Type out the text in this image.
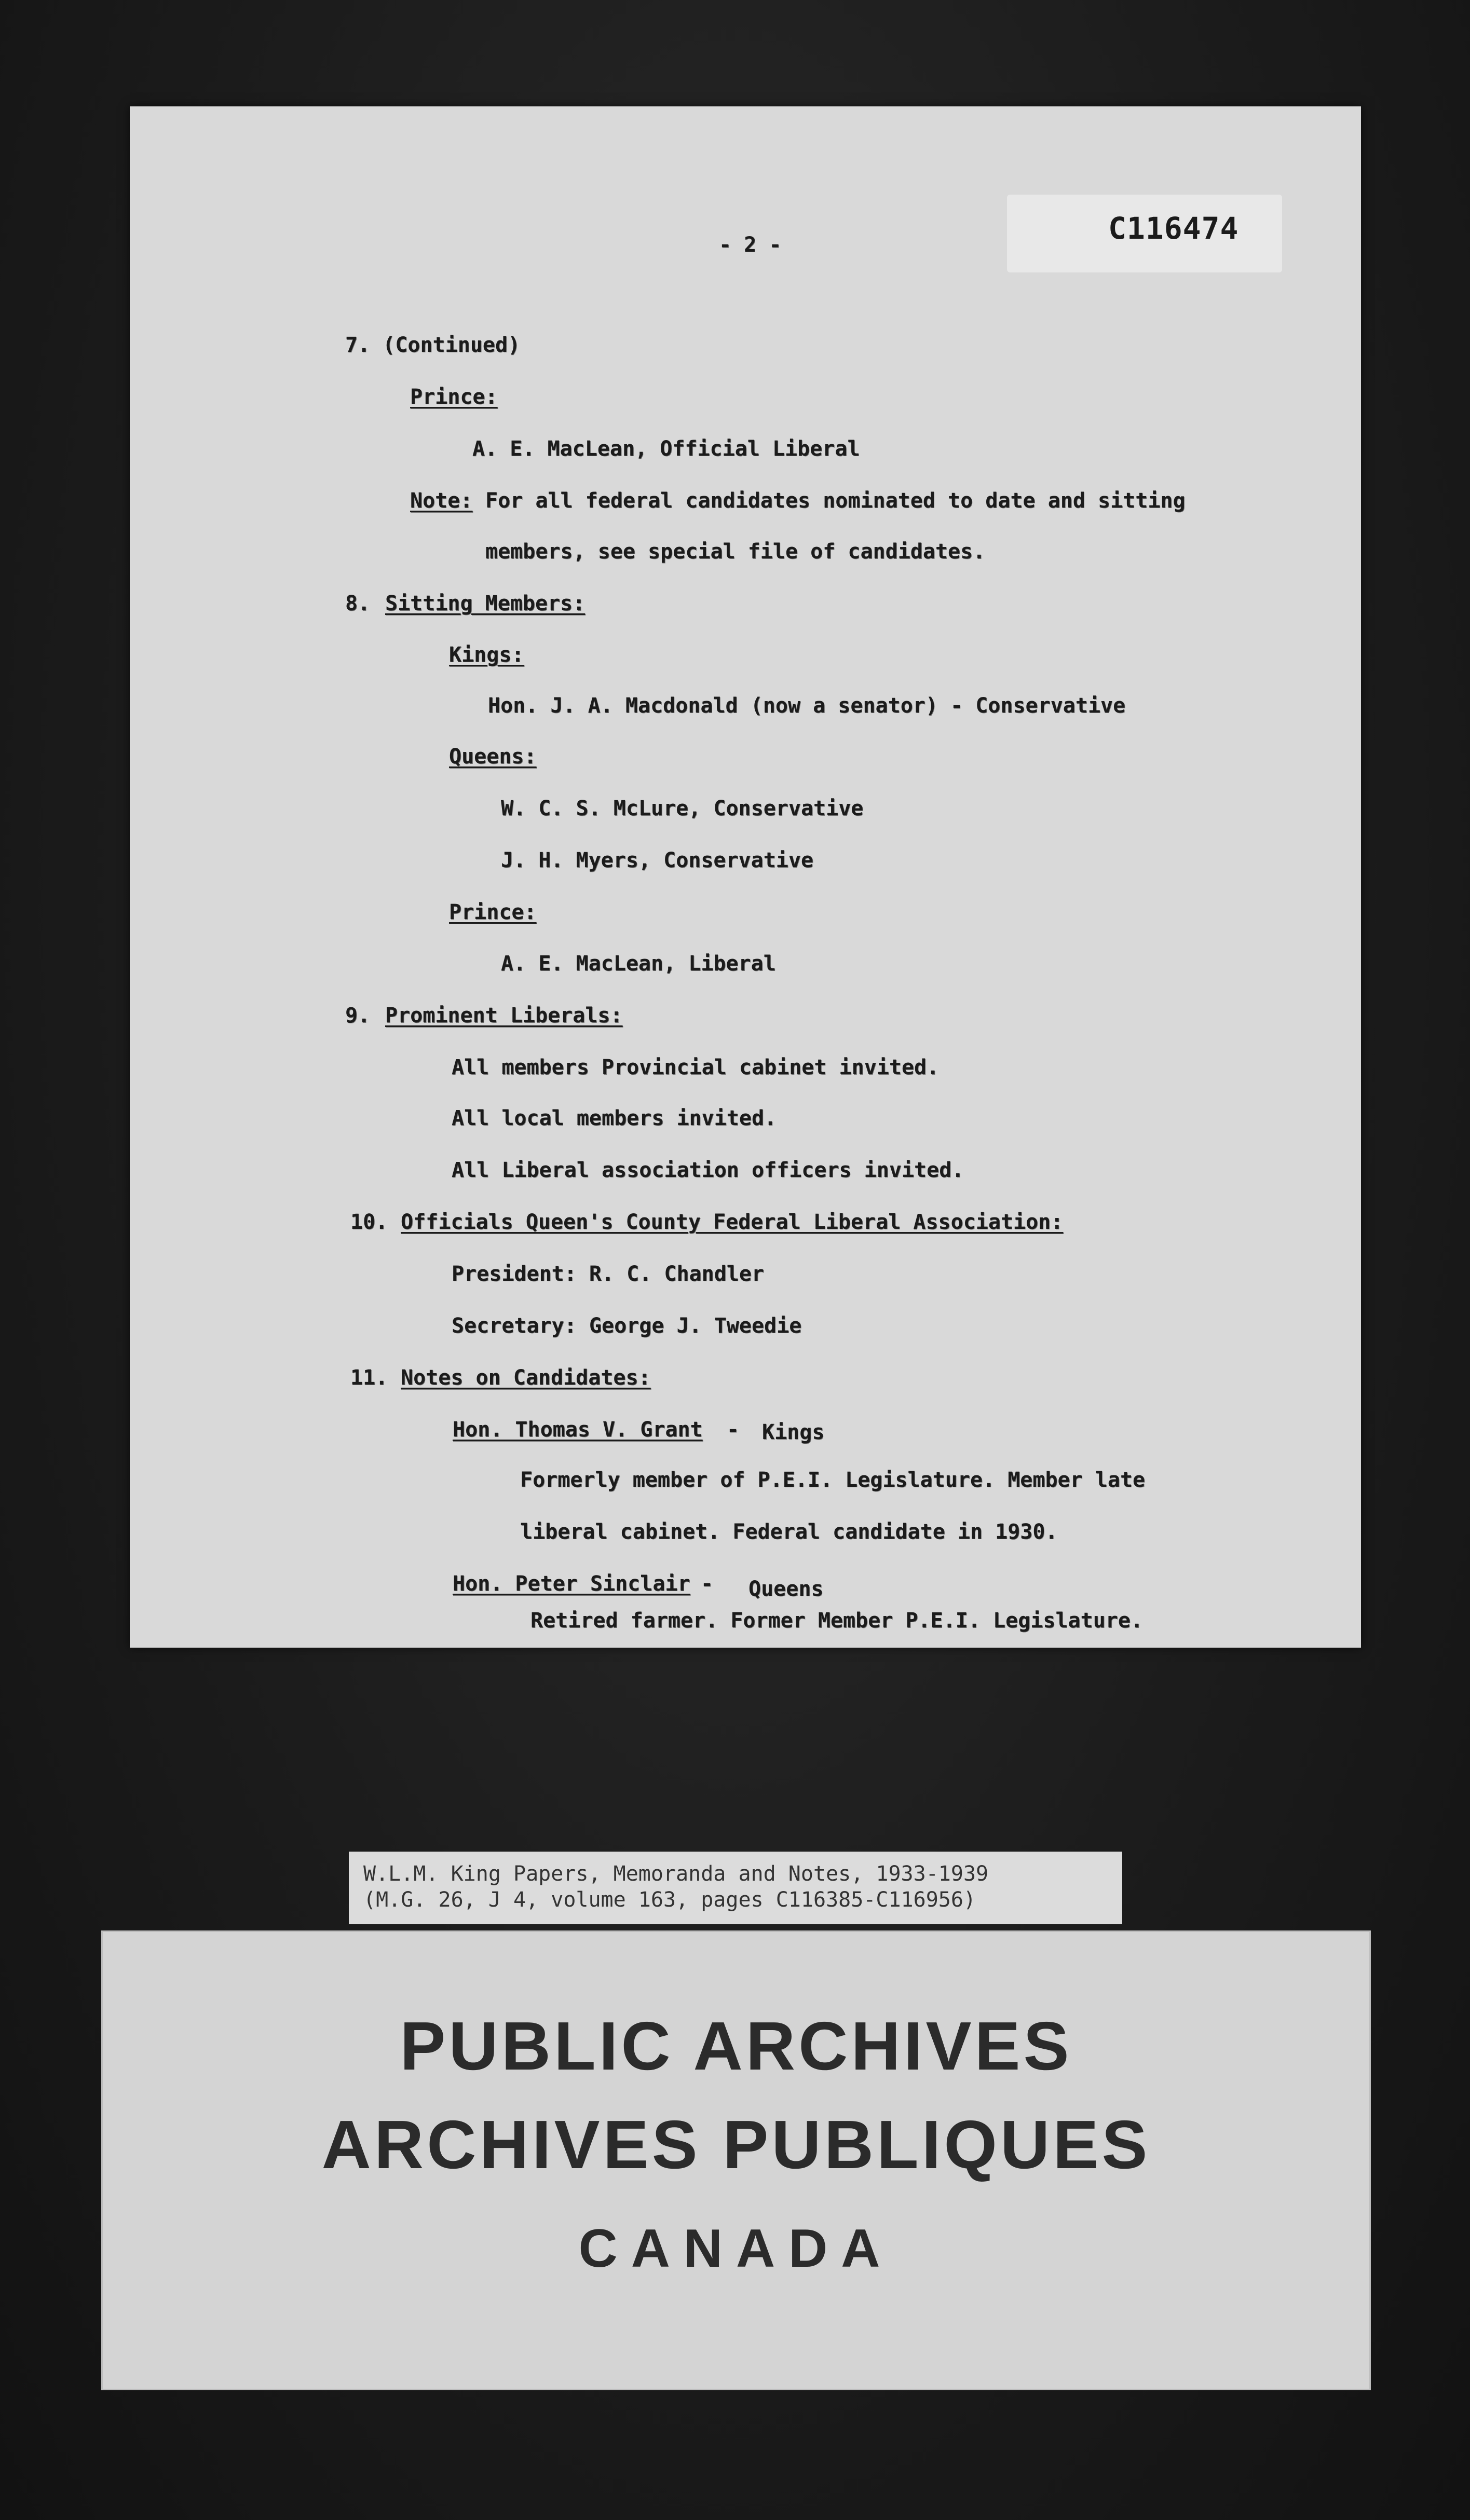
- 2 -	C116474
7. (Continued)
Prince:
A. E. MacLean, Official Liberal
Note: For all federal candidates nominated to date and sitting
members, see special file of candidates.
8. Sitting Members:
Kings:
Hon. J. A. Macdonald (now a senator) - Conservative
Queens:
W. C. S. McLure, Conservative
J. H. Myers, Conservative
Prince:
A. E. MacLean, Liberal
9. Prominent Liberals:
All members Provincial cabinet invited.
All local members invited.
All Liberal association officers invited.
10. Officials Queen's County Federal Liberal Association:
President: R. C. Chandler
Secretary: George J. Tweedie
11. Notes on Candidates:
Hon. Thomas V. Grant - Kings
Formerly member of P.E.I. Legislature. Member late
liberal cabinet. Federal candidate in 1930.
Hon. Peter Sinclair - Queens
Retired farmer. Former Member P.E.I. Legislature.
W.L.M. King Papers, Memoranda and Notes, 1933-1939
(M.G. 26, J 4, volume 163, pages C116385-C116956)
PUBLIC ARCHIVES
ARCHIVES PUBLIQUES
CANADA
